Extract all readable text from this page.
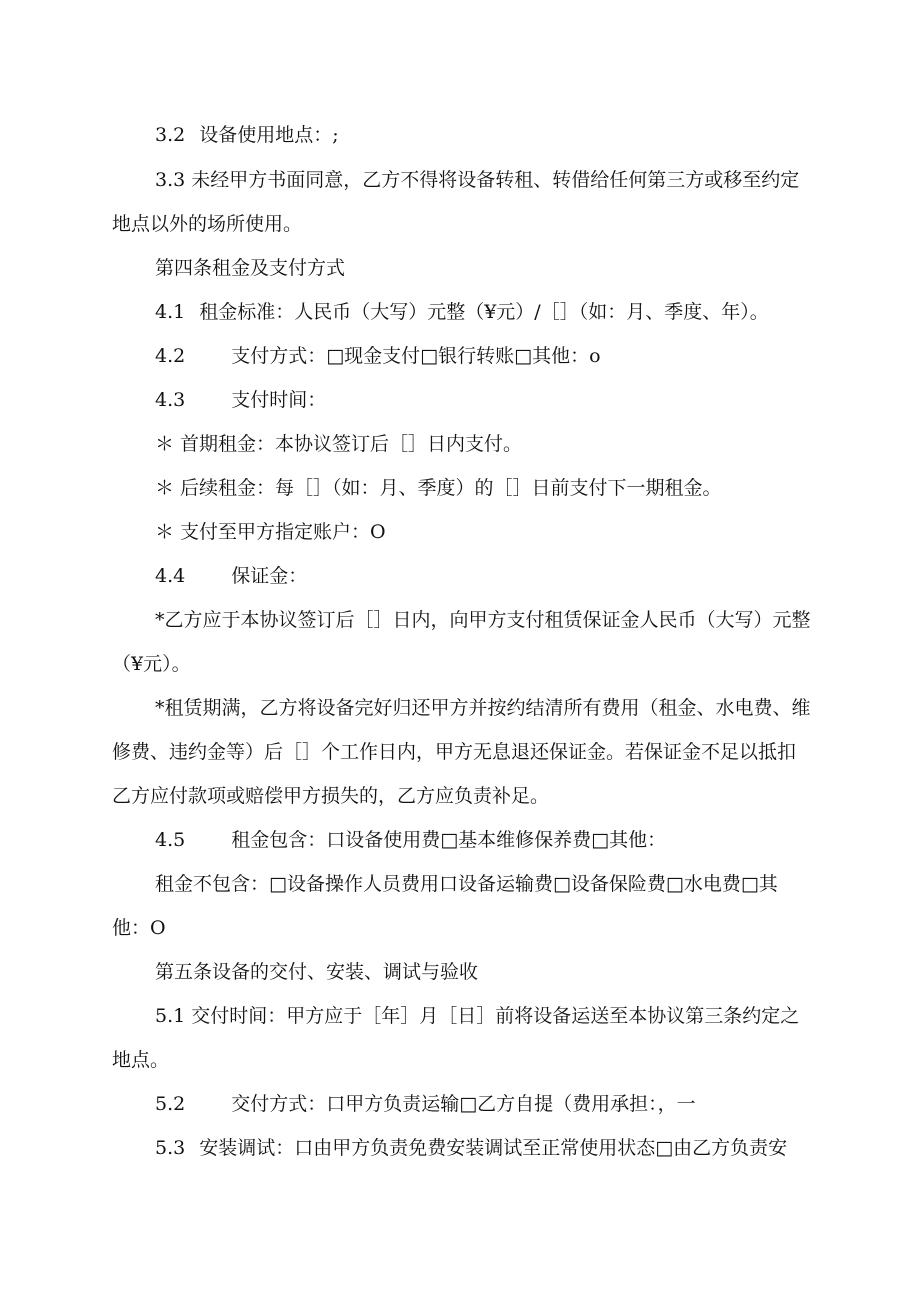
3.2 设备使用地点：;

3.3 未经甲方书面同意，乙方不得将设备转租、转借给任何第三方或移至约定地点以外的场所使用。

第四条租金及支付方式

4.1 租金标准：人民币（大写）元整（¥元）/［］（如：月、季度、年）。

4.2 支付方式：□现金支付□银行转账□其他：o

4.3 支付时间：

＊ 首期租金：本协议签订后［］日内支付。

＊ 后续租金：每［］（如：月、季度）的［］日前支付下一期租金。

＊ 支付至甲方指定账户：O

4.4 保证金：

*乙方应于本协议签订后［］日内，向甲方支付租赁保证金人民币（大写）元整（¥元）。

*租赁期满，乙方将设备完好归还甲方并按约结清所有费用（租金、水电费、维修费、违约金等）后［］个工作日内，甲方无息退还保证金。若保证金不足以抵扣乙方应付款项或赔偿甲方损失的，乙方应负责补足。

4.5 租金包含：口设备使用费□基本维修保养费□其他：

租金不包含：□设备操作人员费用口设备运输费□设备保险费□水电费□其他：O

第五条设备的交付、安装、调试与验收

5.1 交付时间：甲方应于［年］月［日］前将设备运送至本协议第三条约定之地点。

5.2 交付方式：口甲方负责运输□乙方自提（费用承担：，一

5.3 安装调试：口由甲方负责免费安装调试至正常使用状态□由乙方负责安
